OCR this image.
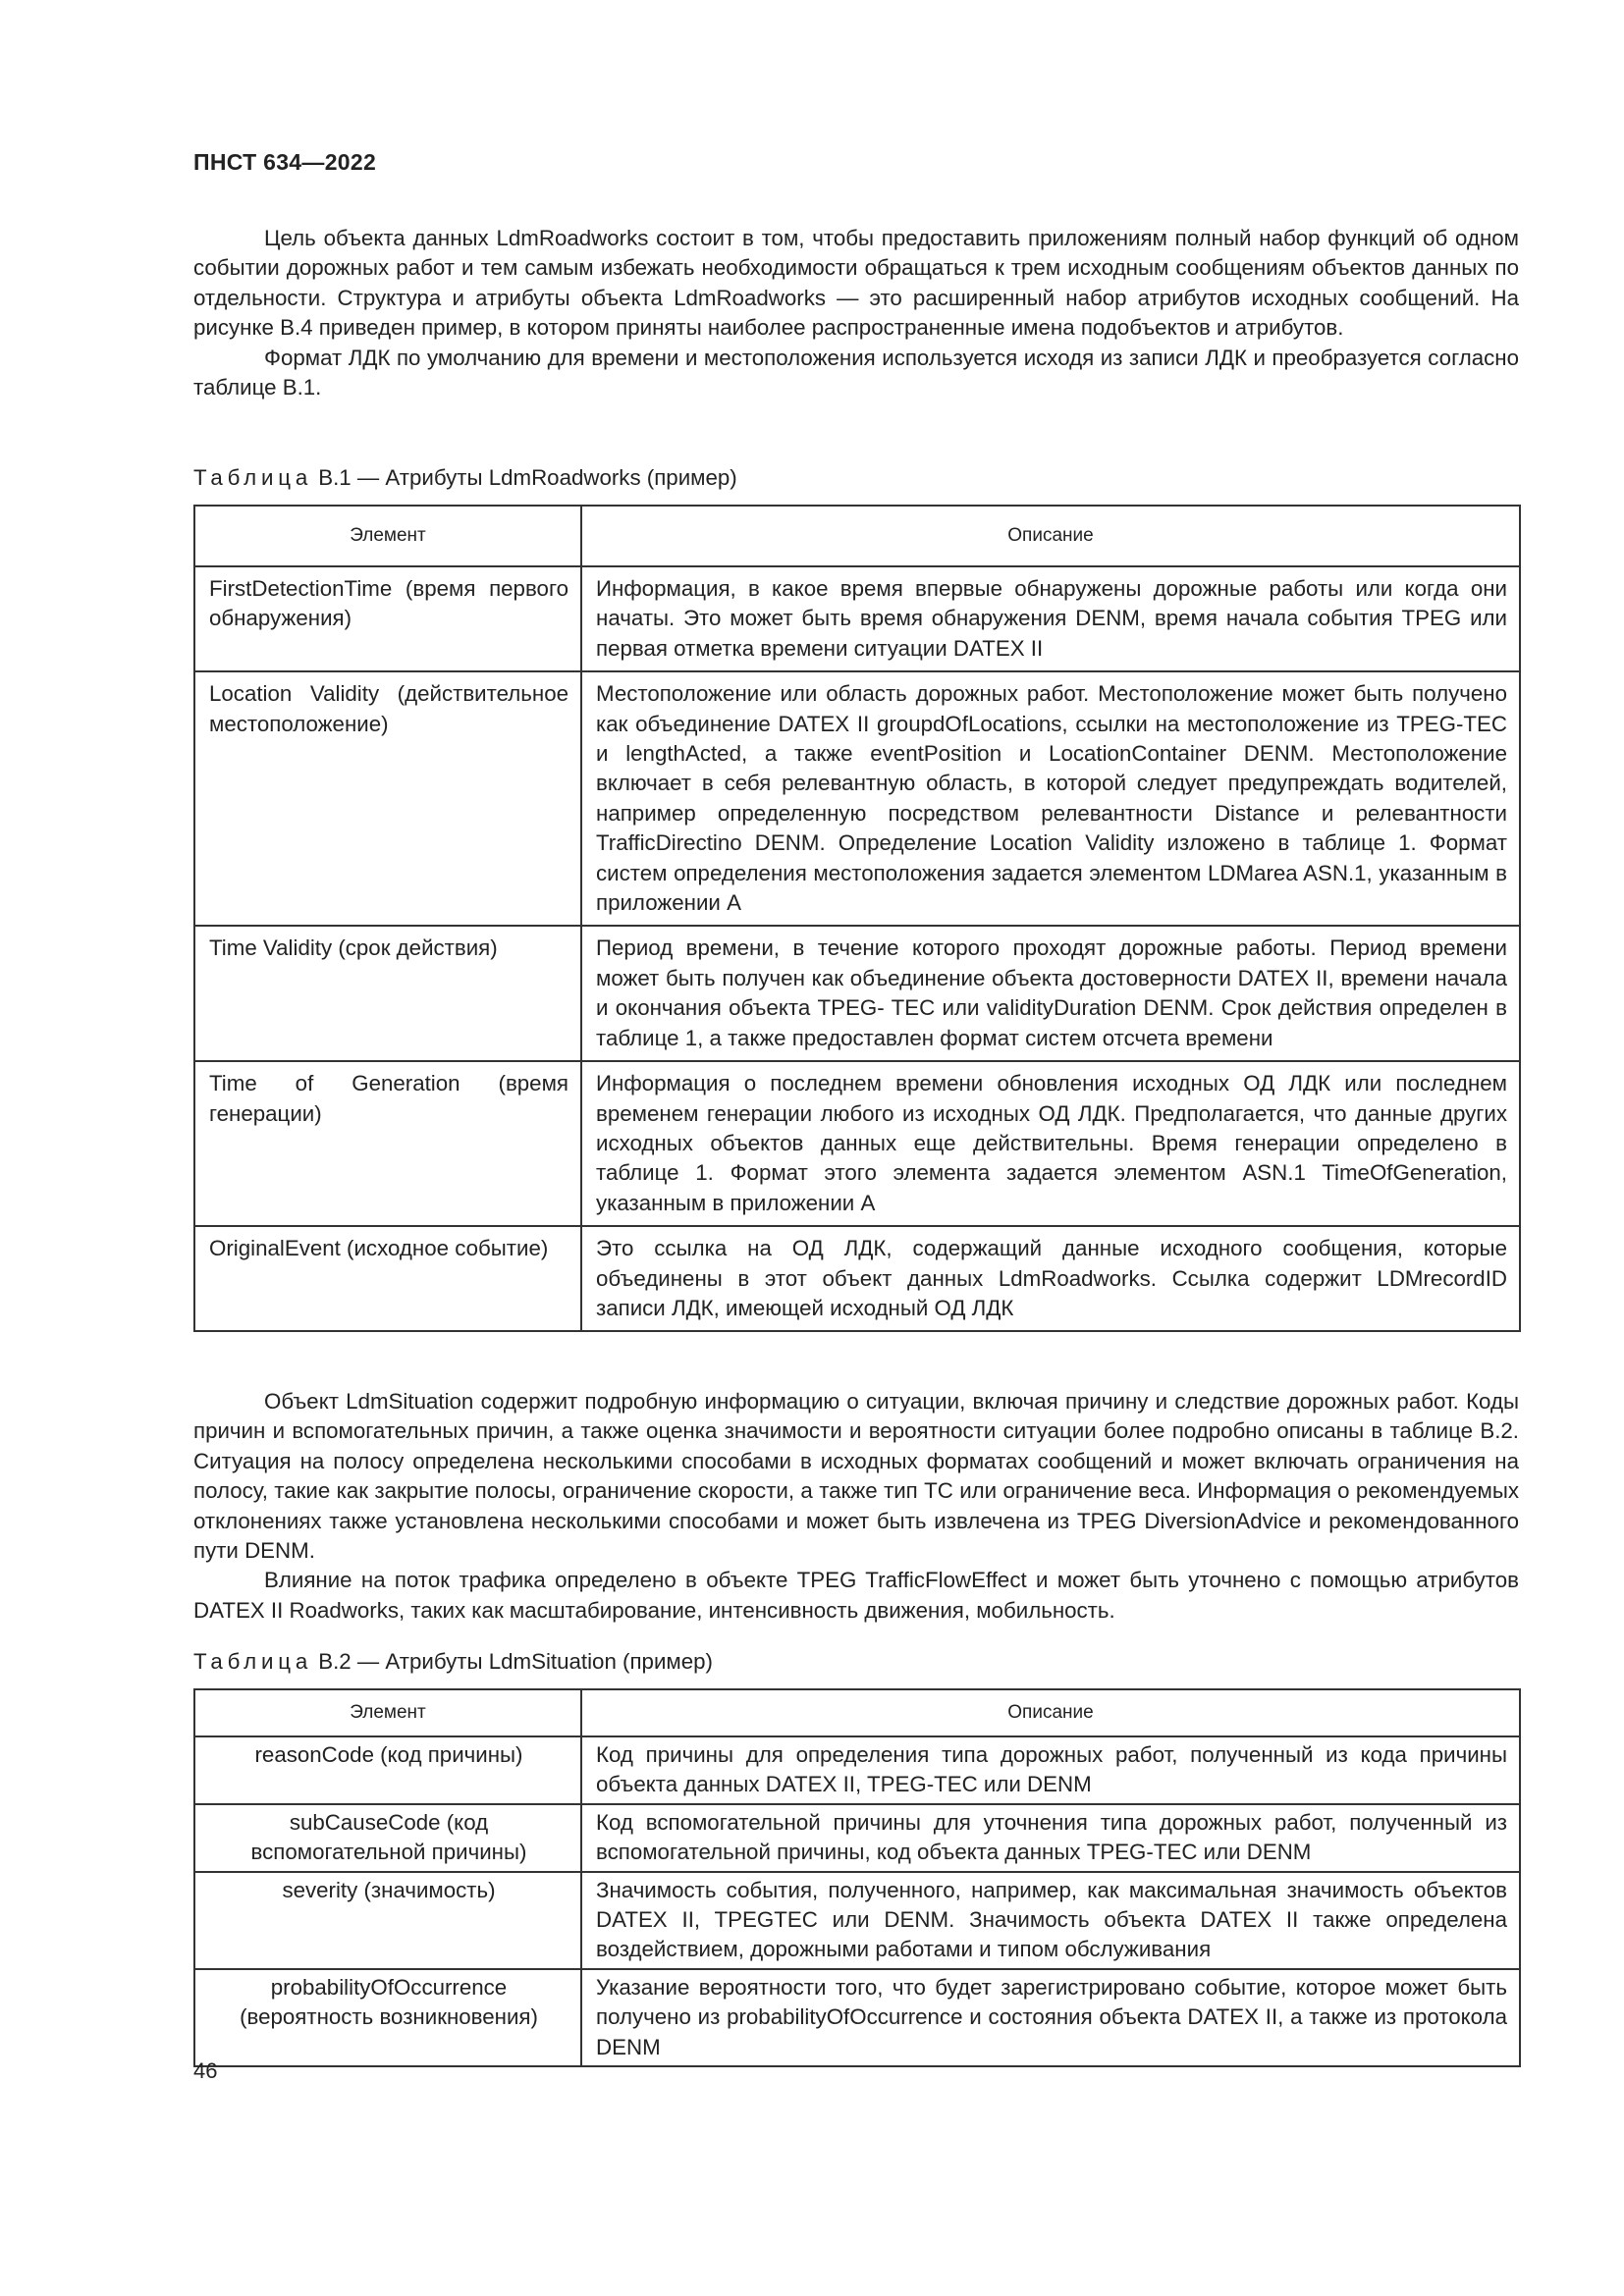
ПНСТ 634—2022

Цель объекта данных LdmRoadworks состоит в том, чтобы предоставить приложениям полный набор функций об одном событии дорожных работ и тем самым избежать необходимости обращаться к трем исходным сообщениям объектов данных по отдельности. Структура и атрибуты объекта LdmRoadworks — это расширенный набор атрибутов исходных сообщений. На рисунке В.4 приведен пример, в котором приняты наиболее распространенные имена подобъектов и атрибутов.

Формат ЛДК по умолчанию для времени и местоположения используется исходя из записи ЛДК и преобразуется согласно таблице В.1.

Таблица В.1 — Атрибуты LdmRoadworks (пример)
Элемент	Описание
FirstDetectionTime (время первого обнаружения)	Информация, в какое время впервые обнаружены дорожные работы или когда они начаты. Это может быть время обнаружения DENM, время начала события TPEG или первая отметка времени ситуации DATEX II
Location Validity (действительное местоположение)	Местоположение или область дорожных работ. Местоположение может быть получено как объединение DATEX II groupdOfLocations, ссылки на местоположение из TPEG-TEC и lengthActed, а также eventPosition и LocationContainer DENM. Местоположение включает в себя релевантную область, в которой следует предупреждать водителей, например определенную посредством релевантности Distance и релевантности TrafficDirectino DENM. Определение Location Validity изложено в таблице 1. Формат систем определения местоположения задается элементом LDMarea ASN.1, указанным в приложении А
Time Validity (срок действия)	Период времени, в течение которого проходят дорожные работы. Период времени может быть получен как объединение объекта достоверности DATEX II, времени начала и окончания объекта TPEG- TEC или validityDuration DENM. Срок действия определен в таблице 1, а также предоставлен формат систем отсчета времени
Time of Generation (время генерации)	Информация о последнем времени обновления исходных ОД ЛДК или последнем временем генерации любого из исходных ОД ЛДК. Предполагается, что данные других исходных объектов данных еще действительны. Время генерации определено в таблице 1. Формат этого элемента задается элементом ASN.1 TimeOfGeneration, указанным в приложении А
OriginalEvent (исходное событие)	Это ссылка на ОД ЛДК, содержащий данные исходного сообщения, которые объединены в этот объект данных LdmRoadworks. Ссылка содержит LDMrecordID записи ЛДК, имеющей исходный ОД ЛДК

Объект LdmSituation содержит подробную информацию о ситуации, включая причину и следствие дорожных работ. Коды причин и вспомогательных причин, а также оценка значимости и вероятности ситуации более подробно описаны в таблице В.2. Ситуация на полосу определена несколькими способами в исходных форматах сообщений и может включать ограничения на полосу, такие как закрытие полосы, ограничение скорости, а также тип ТС или ограничение веса. Информация о рекомендуемых отклонениях также установлена несколькими способами и может быть извлечена из TPEG DiversionAdvice и рекомендованного пути DENM.

Влияние на поток трафика определено в объекте TPEG TrafficFlowEffect и может быть уточнено с помощью атрибутов DATEX II Roadworks, таких как масштабирование, интенсивность движения, мобильность.

Таблица В.2 — Атрибуты LdmSituation (пример)
Элемент	Описание
reasonCode (код причины)	Код причины для определения типа дорожных работ, полученный из кода причины объекта данных DATEX II, TPEG-TEC или DENM
subCauseCode (код вспомогательной причины)	Код вспомогательной причины для уточнения типа дорожных работ, полученный из вспомогательной причины, код объекта данных TPEG-TEC или DENM
severity (значимость)	Значимость события, полученного, например, как максимальная значимость объектов DATEX II, TPEGTEC или DENM. Значимость объекта DATEX II также определена воздействием, дорожными работами и типом обслуживания
probabilityOfOccurrence (вероятность возникновения)	Указание вероятности того, что будет зарегистрировано событие, которое может быть получено из probabilityOfOccurrence и состояния объекта DATEX II, а также из протокола DENM
46
